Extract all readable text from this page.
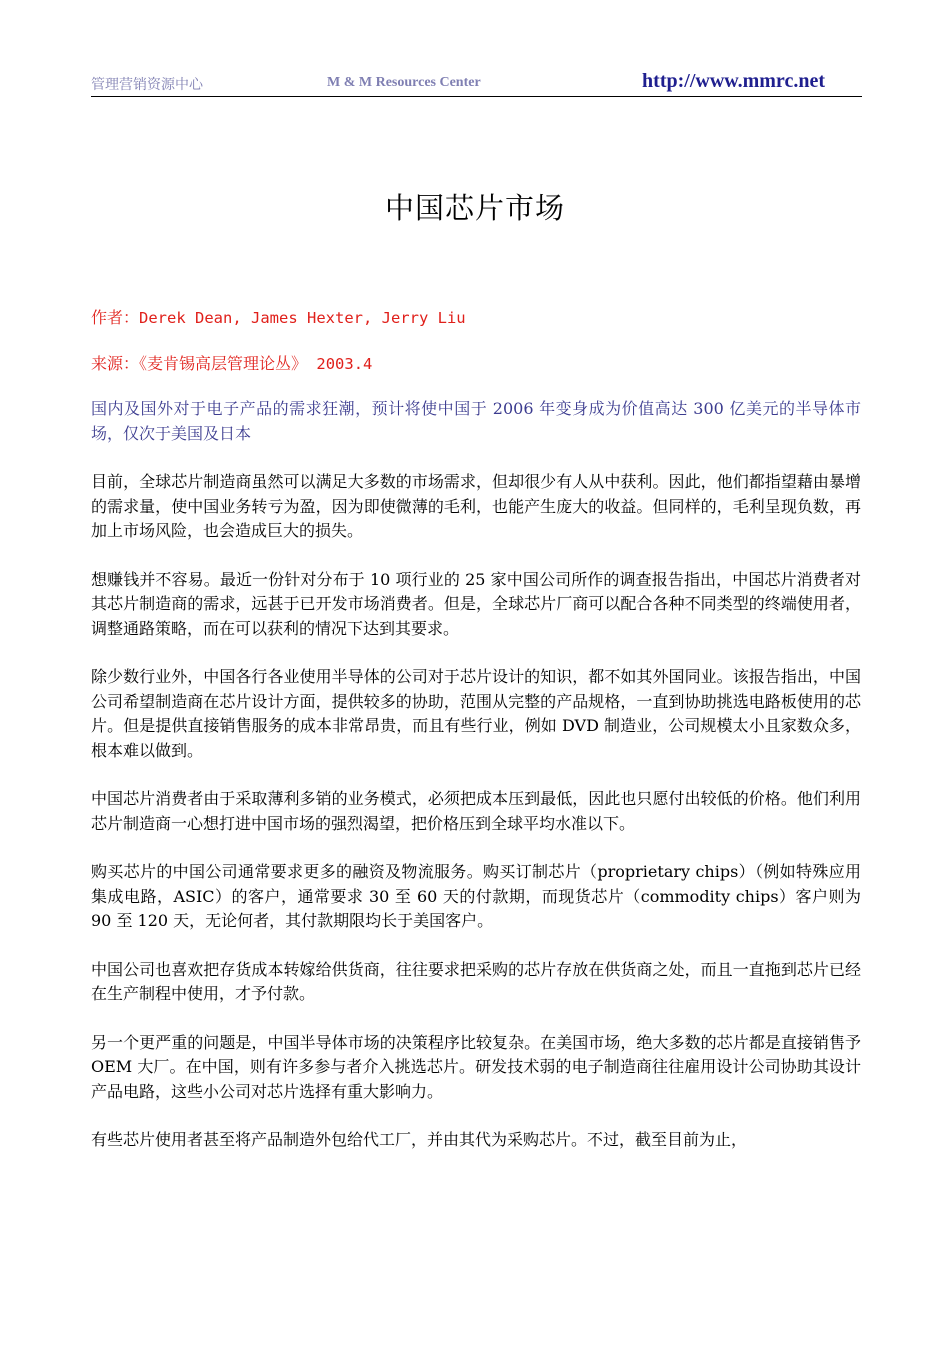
管理营销资源中心	M & M Resources Center	http://www.mmrc.net
中国芯片市场
作者：Derek Dean, James Hexter, Jerry Liu
来源：《麦肯锡高层管理论丛》 2003.4

国内及国外对于电子产品的需求狂潮，预计将使中国于 2006 年变身成为价值高达 300 亿美元的半导体市场，仅次于美国及日本

目前，全球芯片制造商虽然可以满足大多数的市场需求，但却很少有人从中获利。因此，他们都指望藉由暴增的需求量，使中国业务转亏为盈，因为即使微薄的毛利，也能产生庞大的收益。但同样的，毛利呈现负数，再加上市场风险，也会造成巨大的损失。

想赚钱并不容易。最近一份针对分布于 10 项行业的 25 家中国公司所作的调查报告指出，中国芯片消费者对其芯片制造商的需求，远甚于已开发市场消费者。但是，全球芯片厂商可以配合各种不同类型的终端使用者，调整通路策略，而在可以获利的情况下达到其要求。

除少数行业外，中国各行各业使用半导体的公司对于芯片设计的知识，都不如其外国同业。该报告指出，中国公司希望制造商在芯片设计方面，提供较多的协助，范围从完整的产品规格，一直到协助挑选电路板使用的芯片。但是提供直接销售服务的成本非常昂贵，而且有些行业，例如 DVD 制造业，公司规模太小且家数众多，根本难以做到。

中国芯片消费者由于采取薄利多销的业务模式，必须把成本压到最低，因此也只愿付出较低的价格。他们利用芯片制造商一心想打进中国市场的强烈渴望，把价格压到全球平均水准以下。

购买芯片的中国公司通常要求更多的融资及物流服务。购买订制芯片（proprietary chips）（例如特殊应用集成电路，ASIC）的客户，通常要求 30 至 60 天的付款期，而现货芯片（commodity chips）客户则为 90 至 120 天，无论何者，其付款期限均长于美国客户。

中国公司也喜欢把存货成本转嫁给供货商，往往要求把采购的芯片存放在供货商之处，而且一直拖到芯片已经在生产制程中使用，才予付款。

另一个更严重的问题是，中国半导体市场的决策程序比较复杂。在美国市场，绝大多数的芯片都是直接销售予 OEM 大厂。在中国，则有许多参与者介入挑选芯片。研发技术弱的电子制造商往往雇用设计公司协助其设计产品电路，这些小公司对芯片选择有重大影响力。

有些芯片使用者甚至将产品制造外包给代工厂，并由其代为采购芯片。不过，截至目前为止，
